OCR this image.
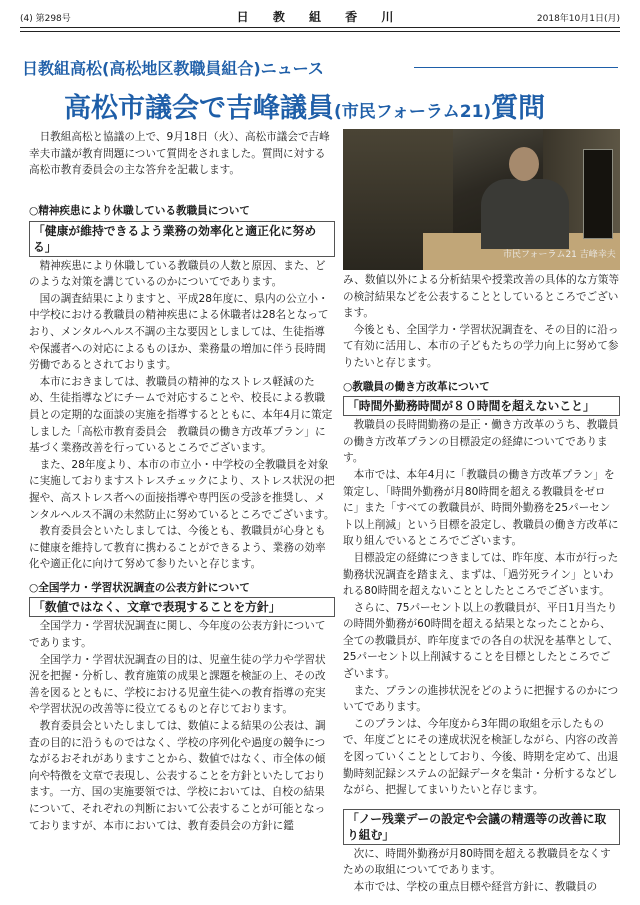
(4) 第298号	日 教 組 香 川	2018年10月1日(月)
日教組高松(高松地区教職員組合)ニュース
高松市議会で吉峰議員(市民フォーラム21)質問
市民フォーラム21 吉峰幸夫

日教組高松と協議の上で、9月18日（火）、高松市議会で吉峰幸夫市議が教育問題について質問をされました。質問に対する高松市教育委員会の主な答弁を記載します。

○精神疾患により休職している教職員について
「健康が維持できるよう業務の効率化と適正化に努める」

精神疾患により休職している教職員の人数と原因、また、どのような対策を講じているのかについてであります。

国の調査結果によりますと、平成28年度に、県内の公立小・中学校における教職員の精神疾患による休職者は28名となっており、メンタルヘルス不調の主な要因としましては、生徒指導や保護者への対応によるものほか、業務量の増加に伴う長時間労働であるとされております。

本市におきましては、教職員の精神的なストレス軽減のため、生徒指導などにチームで対応することや、校長による教職員との定期的な面談の実施を指導するとともに、本年4月に策定しました「高松市教育委員会　教職員の働き方改革プラン」に基づく業務改善を行っているところでございます。

また、28年度より、本市の市立小・中学校の全教職員を対象に実施しておりますストレスチェックにより、ストレス状況の把握や、高ストレス者への面接指導や専門医の受診を推奨し、メンタルヘルス不調の未然防止に努めているところでございます。

教育委員会といたしましては、今後とも、教職員が心身ともに健康を維持して教育に携わることができるよう、業務の効率化や適正化に向けて努めて参りたいと存じます。

○全国学力・学習状況調査の公表方針について
「数値ではなく、文章で表現することを方針」

全国学力・学習状況調査に関し、今年度の公表方針についてであります。

全国学力・学習状況調査の目的は、児童生徒の学力や学習状況を把握・分析し、教育施策の成果と課題を検証の上、その改善を図るとともに、学校における児童生徒への教育指導の充実や学習状況の改善等に役立てるものと存じております。

教育委員会といたしましては、数値による結果の公表は、調査の目的に沿うものではなく、学校の序列化や過度の競争につながるおそれがありますことから、数値ではなく、市全体の傾向や特徴を文章で表現し、公表することを方針といたしております。一方、国の実施要領では、学校においては、自校の結果について、それぞれの判断において公表することが可能となっておりますが、本市においては、教育委員会の方針に鑑

み、数値以外による分析結果や授業改善の具体的な方策等の検討結果などを公表することとしているところでございます。

今後とも、全国学力・学習状況調査を、その目的に沿って有効に活用し、本市の子どもたちの学力向上に努めて参りたいと存じます。

○教職員の働き方改革について
「時間外勤務時間が８０時間を超えないこと」

教職員の長時間勤務の是正・働き方改革のうち、教職員の働き方改革プランの目標設定の経緯についてであります。

本市では、本年4月に「教職員の働き方改革プラン」を策定し、「時間外勤務が月80時間を超える教職員をゼロに」また「すべての教職員が、時間外勤務を25パーセント以上削減」という目標を設定し、教職員の働き方改革に取り組んでいるところでございます。

目標設定の経緯につきましては、昨年度、本市が行った勤務状況調査を踏まえ、まずは、「過労死ライン」といわれる80時間を超えないこととしたところでございます。

さらに、75パーセント以上の教職員が、平日1月当たりの時間外勤務が60時間を超える結果となったことから、全ての教職員が、昨年度までの各自の状況を基準として、25パーセント以上削減することを目標としたところでございます。

また、プランの進捗状況をどのように把握するのかについてであります。

このプランは、今年度から3年間の取組を示したもので、年度ごとにその達成状況を検証しながら、内容の改善を図っていくこととしており、今後、時期を定めて、出退勤時刻記録システムの記録データを集計・分析するなどしながら、把握してまいりたいと存じます。

「ノー残業デーの設定や会議の精選等の改善に取り組む」

次に、時間外勤務が月80時間を超える教職員をなくすための取組についてであります。

本市では、学校の重点目標や経営方針に、教職員の
